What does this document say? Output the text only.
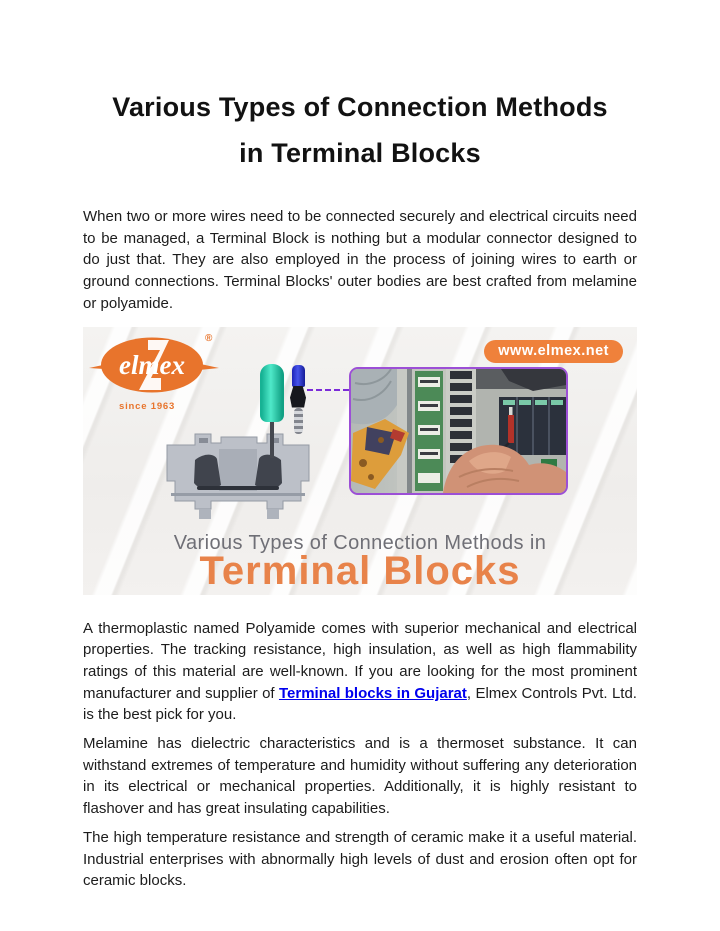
Various Types of Connection Methods
in Terminal Blocks

When two or more wires need to be connected securely and electrical circuits need to be managed, a Terminal Block is nothing but a modular connector designed to do just that. They are also employed in the process of joining wires to earth or ground connections. Terminal Blocks' outer bodies are best crafted from melamine or polyamide.

elmex
®
since 1963
www.elmex.net
Various Types of Connection Methods in
Terminal Blocks

A thermoplastic named Polyamide comes with superior mechanical and electrical properties. The tracking resistance, high insulation, as well as high flammability ratings of this material are well-known. If you are looking for the most prominent manufacturer and supplier of Terminal blocks in Gujarat, Elmex Controls Pvt. Ltd. is the best pick for you.

Melamine has dielectric characteristics and is a thermoset substance. It can withstand extremes of temperature and humidity without suffering any deterioration in its electrical or mechanical properties. Additionally, it is highly resistant to flashover and has great insulating capabilities.

The high temperature resistance and strength of ceramic make it a useful material. Industrial enterprises with abnormally high levels of dust and erosion often opt for ceramic blocks.
